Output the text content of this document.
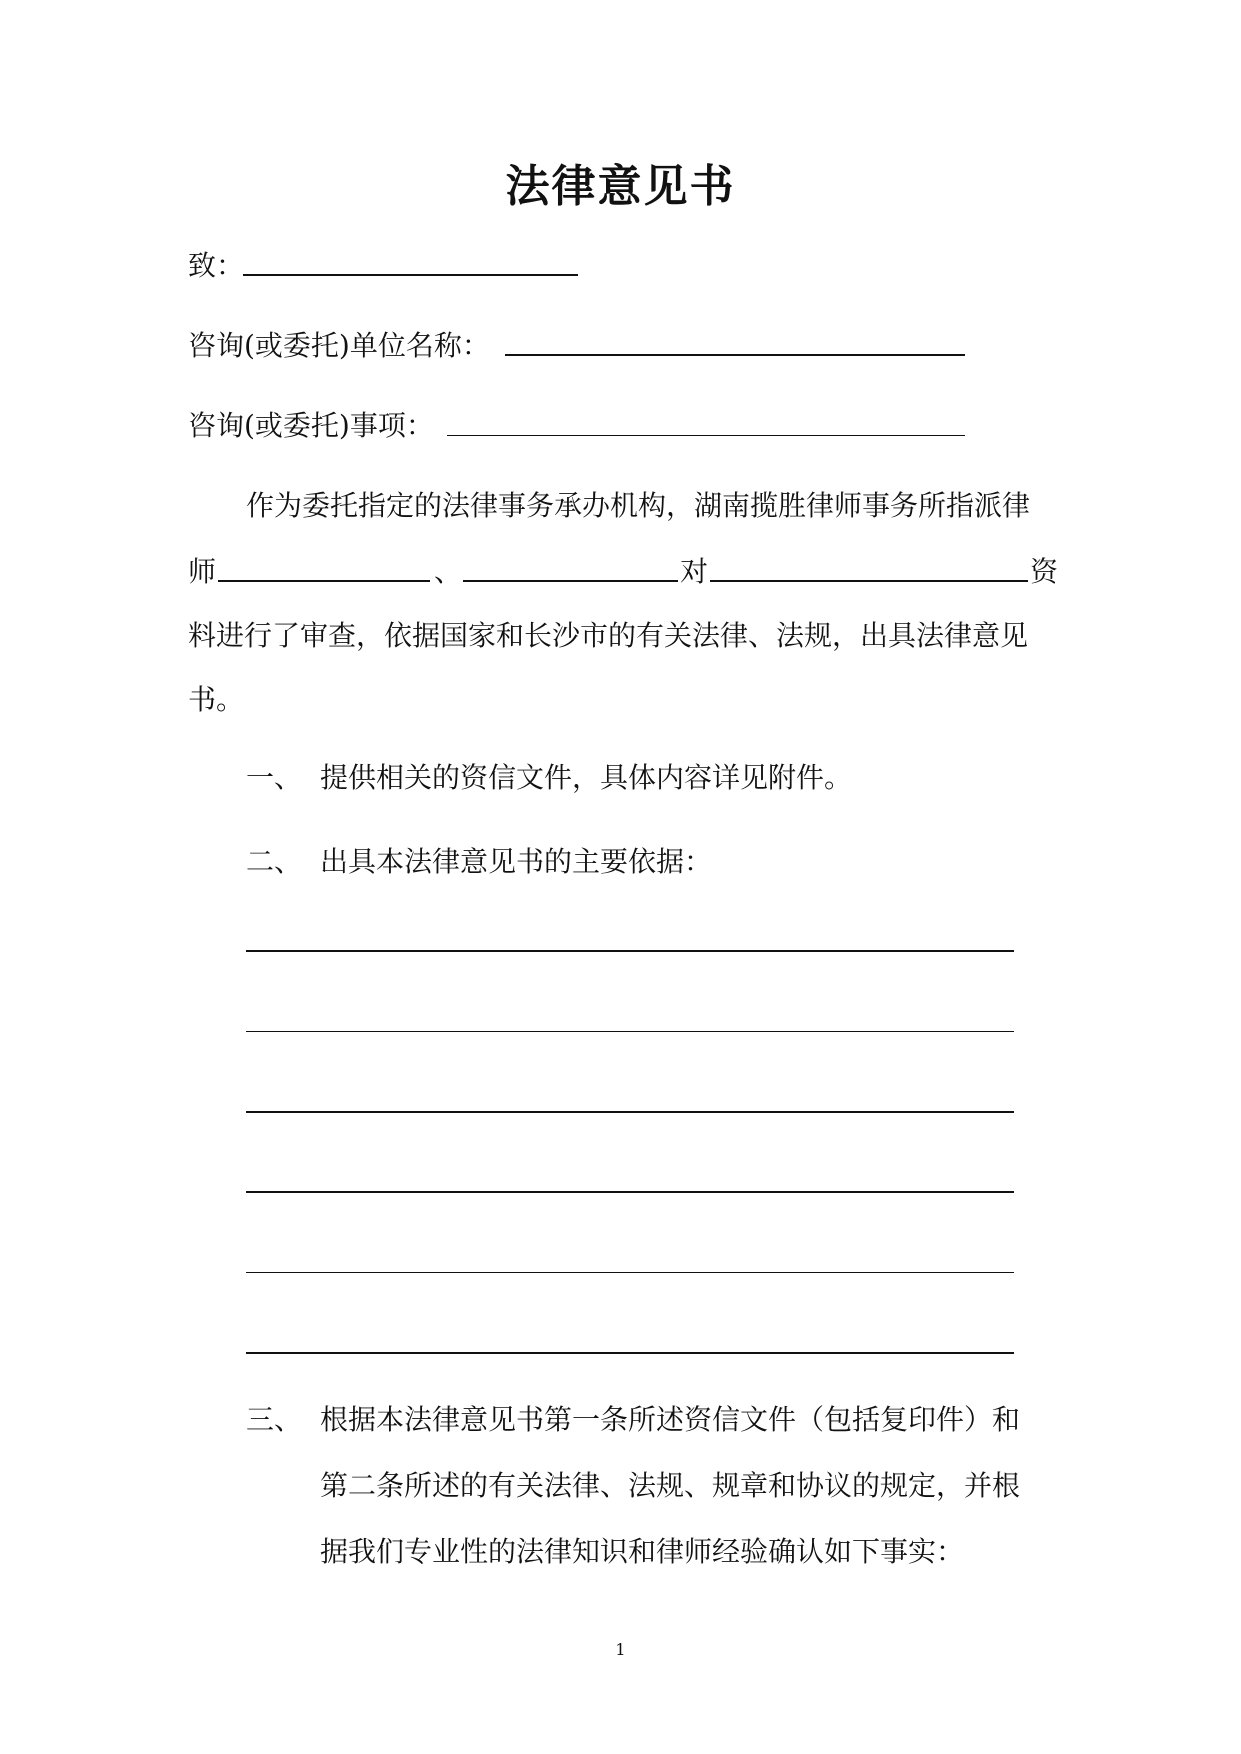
法律意见书
致：
咨询(或委托)单位名称：
咨询(或委托)事项：
作为委托指定的法律事务承办机构，湖南揽胜律师事务所指派律
师	、	对	资
料进行了审查，依据国家和长沙市的有关法律、法规，出具法律意见
书。
一、 提供相关的资信文件，具体内容详见附件。
二、 出具本法律意见书的主要依据：
三、 根据本法律意见书第一条所述资信文件（包括复印件）和
第二条所述的有关法律、法规、规章和协议的规定，并根
据我们专业性的法律知识和律师经验确认如下事实：
1
